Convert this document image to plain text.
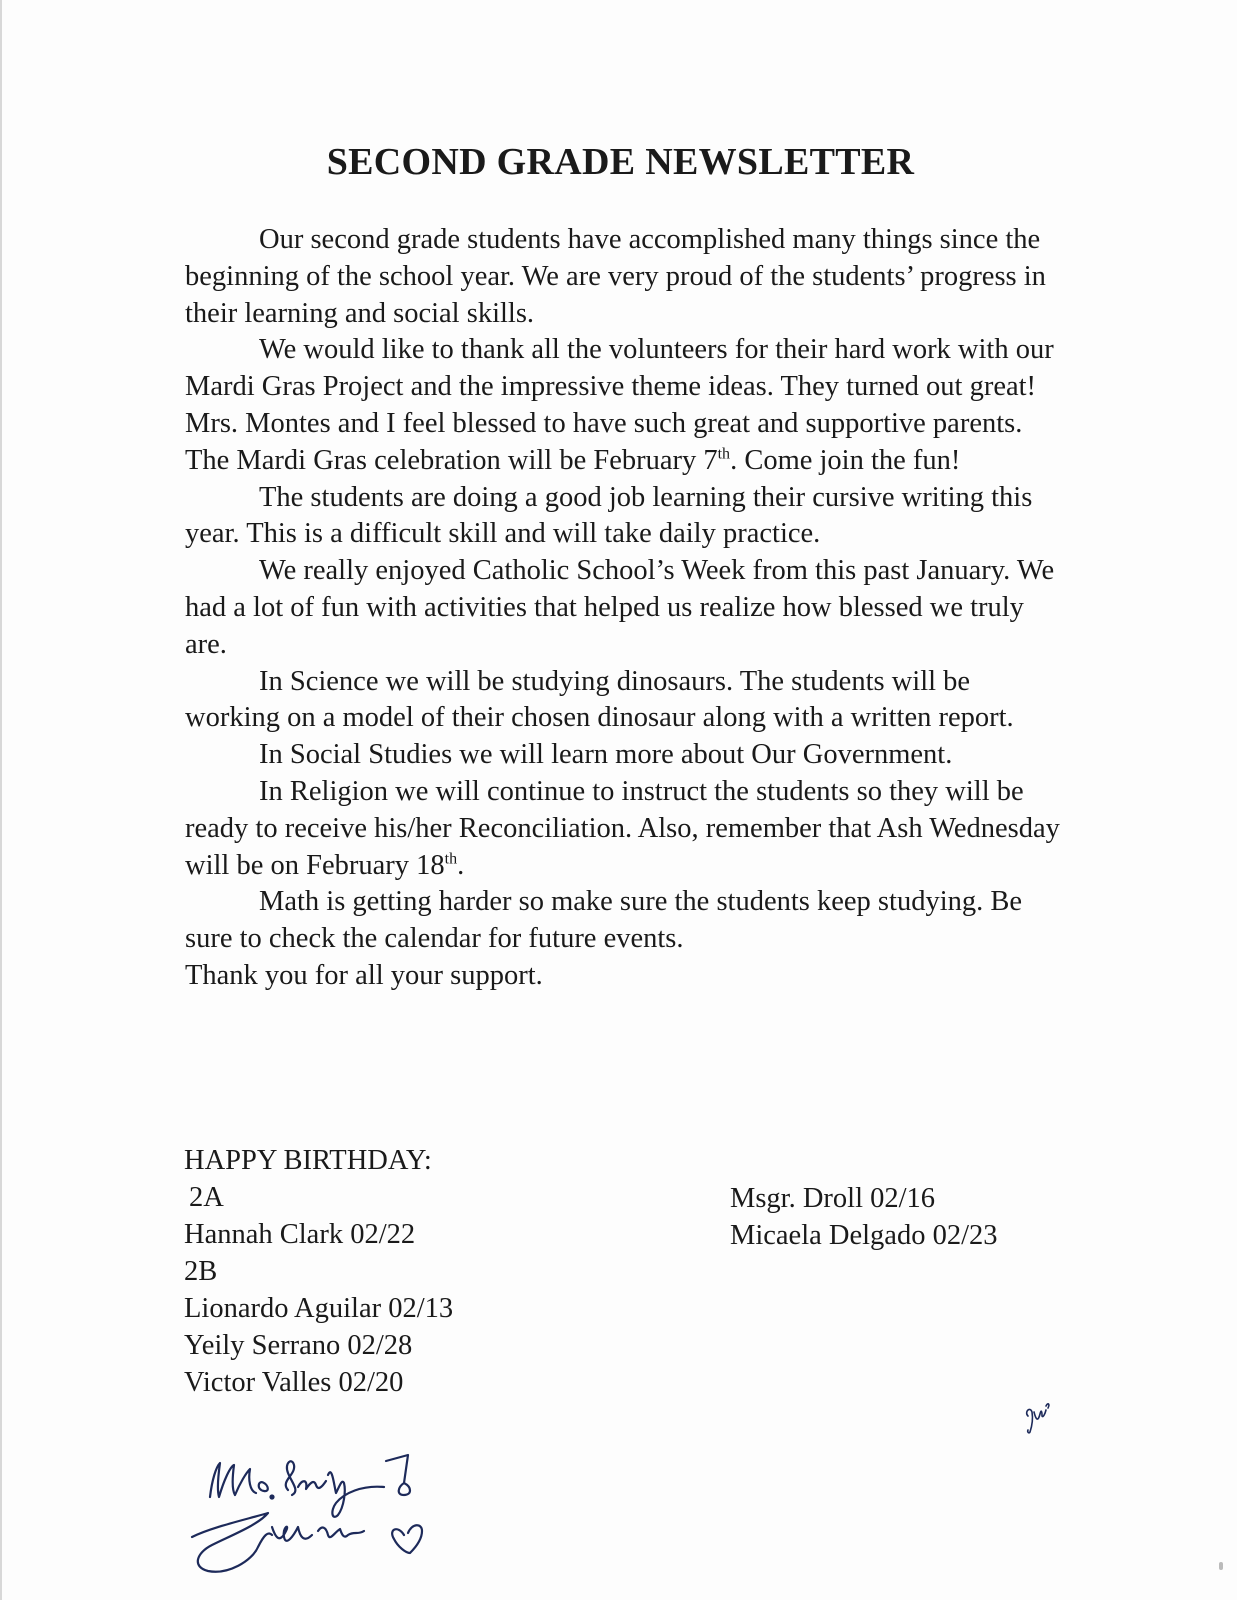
SECOND GRADE NEWSLETTER

Our second grade students have accomplished many things since the beginning of the school year. We are very proud of the students’ progress in their learning and social skills.

We would like to thank all the volunteers for their hard work with our Mardi Gras Project and the impressive theme ideas. They turned out great! Mrs. Montes and I feel blessed to have such great and supportive parents. The Mardi Gras celebration will be February 7th. Come join the fun!

The students are doing a good job learning their cursive writing this year. This is a difficult skill and will take daily practice.

We really enjoyed Catholic School’s Week from this past January. We had a lot of fun with activities that helped us realize how blessed we truly are.

In Science we will be studying dinosaurs. The students will be working on a model of their chosen dinosaur along with a written report.

In Social Studies we will learn more about Our Government.

In Religion we will continue to instruct the students so they will be ready to receive his/her Reconciliation. Also, remember that Ash Wednesday will be on February 18th.

Math is getting harder so make sure the students keep studying. Be sure to check the calendar for future events.

Thank you for all your support.

HAPPY BIRTHDAY:
2A
Hannah Clark 02/22
2B
Lionardo Aguilar 02/13
Yeily Serrano 02/28
Victor Valles 02/20
Msgr. Droll 02/16
Micaela Delgado 02/23
